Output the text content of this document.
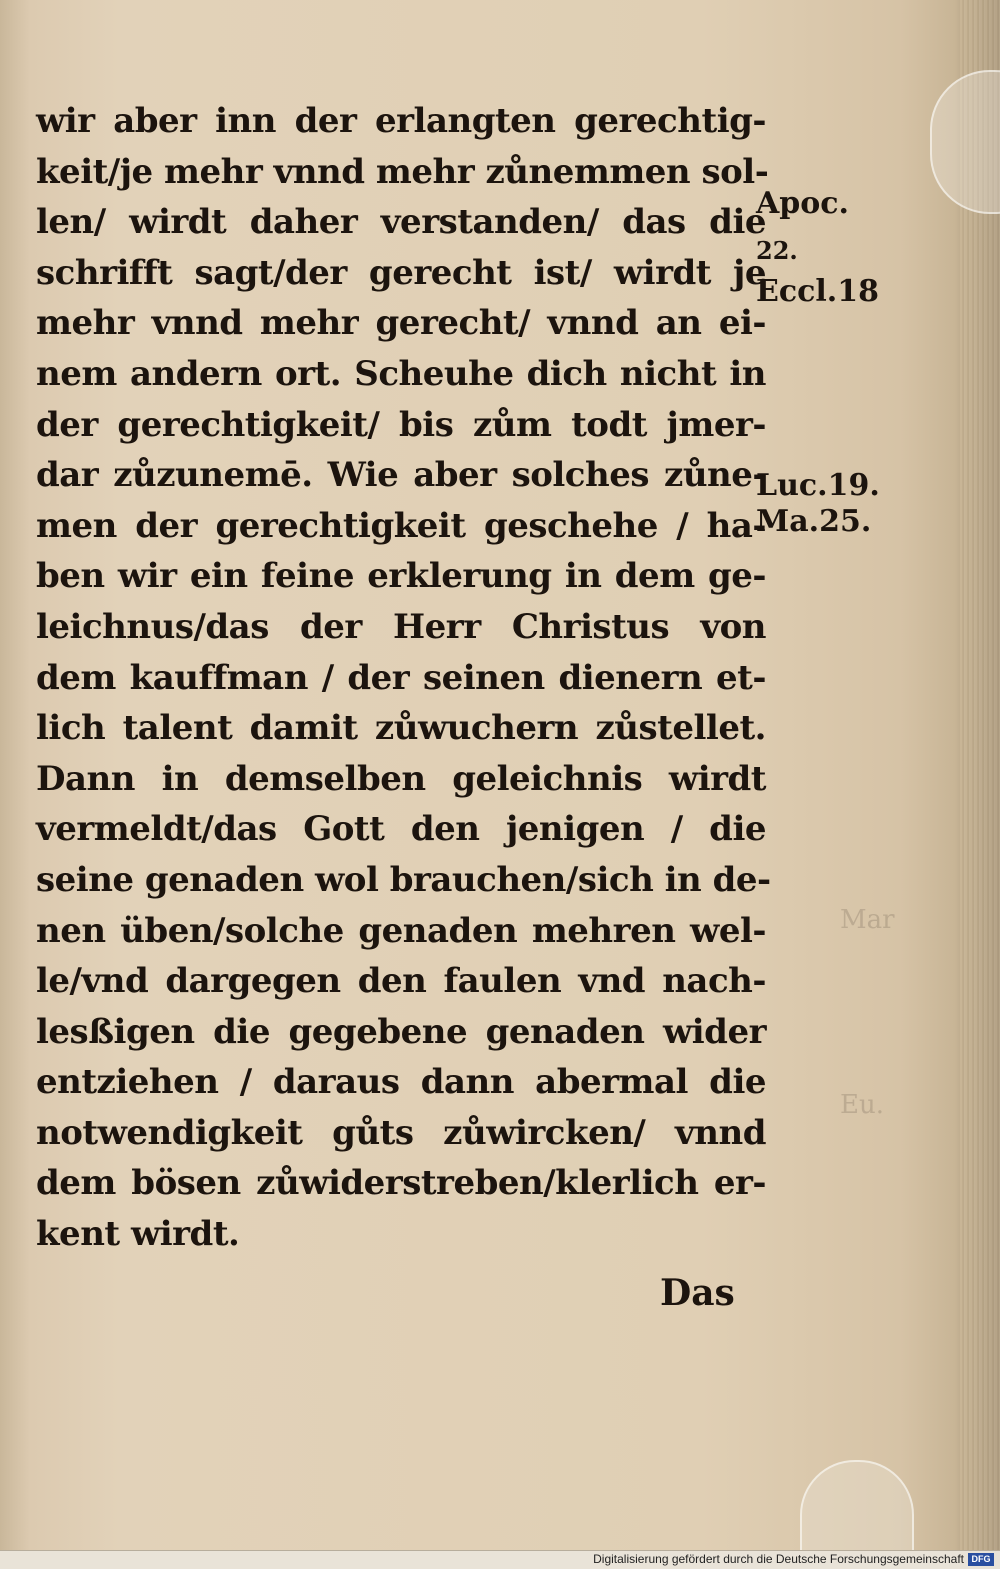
Mar
Eu.
wir aber inn der erlangten gerechtig-
keit/je mehr vnnd mehr zůnemmen sol-
len/ wirdt daher verstanden/ das die
schrifft sagt/der gerecht ist/ wirdt je
mehr vnnd mehr gerecht/ vnnd an ei-
nem andern ort. Scheuhe dich nicht in
der gerechtigkeit/ bis zům todt jmer-
dar zůzunemē. Wie aber solches zůne-
men der gerechtigkeit geschehe / ha-
ben wir ein feine erklerung in dem ge-
leichnus/das der Herr Christus von
dem kauffman / der seinen dienern et-
lich talent damit zůwuchern zůstellet.
Dann in demselben geleichnis wirdt
vermeldt/das Gott den jenigen / die
seine genaden wol brauchen/sich in de-
nen üben/solche genaden mehren wel-
le/vnd dargegen den faulen vnd nach-
lesßigen die gegebene genaden wider
entziehen / daraus dann abermal die
notwendigkeit gůts zůwircken/ vnnd
dem bösen zůwiderstreben/klerlich er-
kent wirdt.
Apoc.
22.
Eccl.18
Luc.19.
Ma.25.
Das
Digitalisierung gefördert durch die Deutsche Forschungsgemeinschaft DFG
